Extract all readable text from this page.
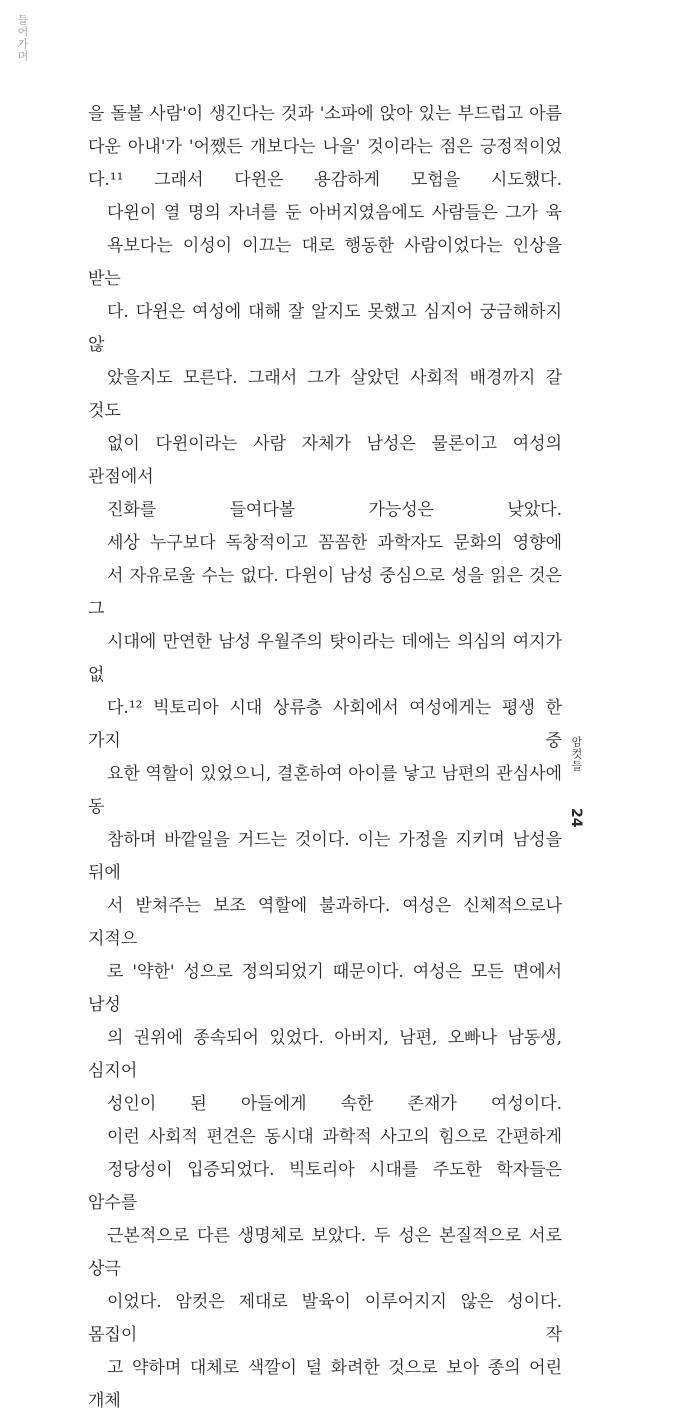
들어가며

을 돌볼 사람'이 생긴다는 것과 '소파에 앉아 있는 부드럽고 아름
다운 아내'가 '어쨌든 개보다는 나을' 것이라는 점은 긍정적이었
다.¹¹ 그래서 다윈은 용감하게 모험을 시도했다.

다윈이 열 명의 자녀를 둔 아버지였음에도 사람들은 그가 육
욕보다는 이성이 이끄는 대로 행동한 사람이었다는 인상을 받는
다. 다윈은 여성에 대해 잘 알지도 못했고 심지어 궁금해하지 않
았을지도 모른다. 그래서 그가 살았던 사회적 배경까지 갈 것도
없이 다윈이라는 사람 자체가 남성은 물론이고 여성의 관점에서
진화를 들여다볼 가능성은 낮았다.

세상 누구보다 독창적이고 꼼꼼한 과학자도 문화의 영향에
서 자유로울 수는 없다. 다윈이 남성 중심으로 성을 읽은 것은 그
시대에 만연한 남성 우월주의 탓이라는 데에는 의심의 여지가 없
다.¹² 빅토리아 시대 상류층 사회에서 여성에게는 평생 한 가지 중
요한 역할이 있었으니, 결혼하여 아이를 낳고 남편의 관심사에 동
참하며 바깥일을 거드는 것이다. 이는 가정을 지키며 남성을 뒤에
서 받쳐주는 보조 역할에 불과하다. 여성은 신체적으로나 지적으
로 '약한' 성으로 정의되었기 때문이다. 여성은 모든 면에서 남성
의 권위에 종속되어 있었다. 아버지, 남편, 오빠나 남동생, 심지어
성인이 된 아들에게 속한 존재가 여성이다.

이런 사회적 편견은 동시대 과학적 사고의 힘으로 간편하게
정당성이 입증되었다. 빅토리아 시대를 주도한 학자들은 암수를
근본적으로 다른 생명체로 보았다. 두 성은 본질적으로 서로 상극
이었다. 암컷은 제대로 발육이 이루어지지 않은 성이다. 몸집이 작
고 약하며 대체로 색깔이 덜 화려한 것으로 보아 종의 어린 개체

암컷들
24
